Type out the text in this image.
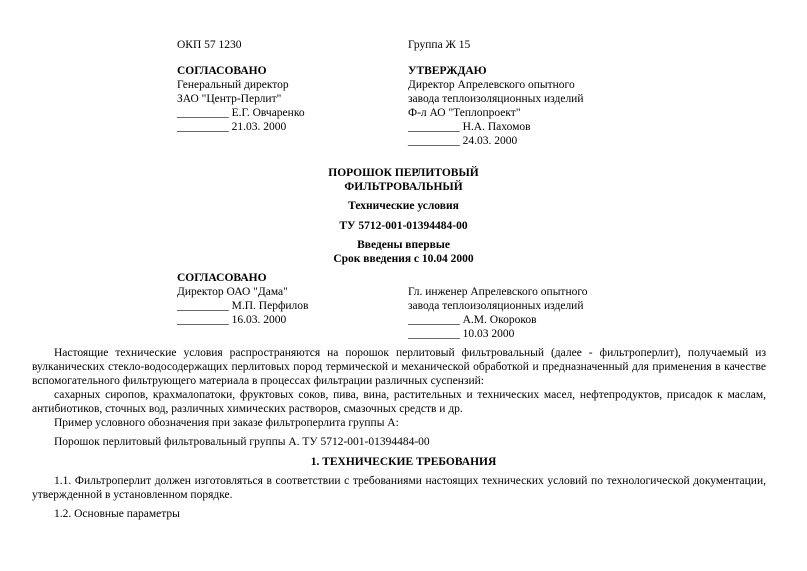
ОКП 57 1230	Группа Ж 15
СОГЛАСОВАНО
Генеральный директор
ЗАО "Центр-Перлит"
_________ Е.Г. Овчаренко
_________ 21.03. 2000
УТВЕРЖДАЮ
Директор Апрелевского опытного
завода теплоизоляционных изделий
Ф-л АО "Теплопроект"
_________ Н.А. Пахомов
_________ 24.03. 2000
ПОРОШОК ПЕРЛИТОВЫЙ
ФИЛЬТРОВАЛЬНЫЙ
Технические условия
ТУ 5712-001-01394484-00
Введены впервые
Срок введения с 10.04 2000
СОГЛАСОВАНО
Директор ОАО "Дама"
_________ М.П. Перфилов
_________ 16.03. 2000
Гл. инженер Апрелевского опытного
завода теплоизоляционных изделий
_________ А.М. Окороков
_________ 10.03 2000

Настоящие технические условия распространяются на порошок перлитовый фильтровальный (далее - фильтроперлит), получаемый из вулканических стекло-водосодержащих перлитовых пород термической и механической обработкой и предназначенный для применения в качестве вспомогательного фильтрующего материала в процессах фильтрации различных суспензий:

сахарных сиропов, крахмалопатоки, фруктовых соков, пива, вина, растительных и технических масел, нефтепродуктов, присадок к маслам, антибиотиков, сточных вод, различных химических растворов, смазочных средств и др.

Пример условного обозначения при заказе фильтроперлита группы А:

Порошок перлитовый фильтровальный группы А. ТУ 5712-001-01394484-00

1. ТЕХНИЧЕСКИЕ ТРЕБОВАНИЯ

1.1. Фильтроперлит должен изготовляться в соответствии с требованиями настоящих технических условий по технологической документации, утвержденной в установленном порядке.

1.2. Основные параметры
